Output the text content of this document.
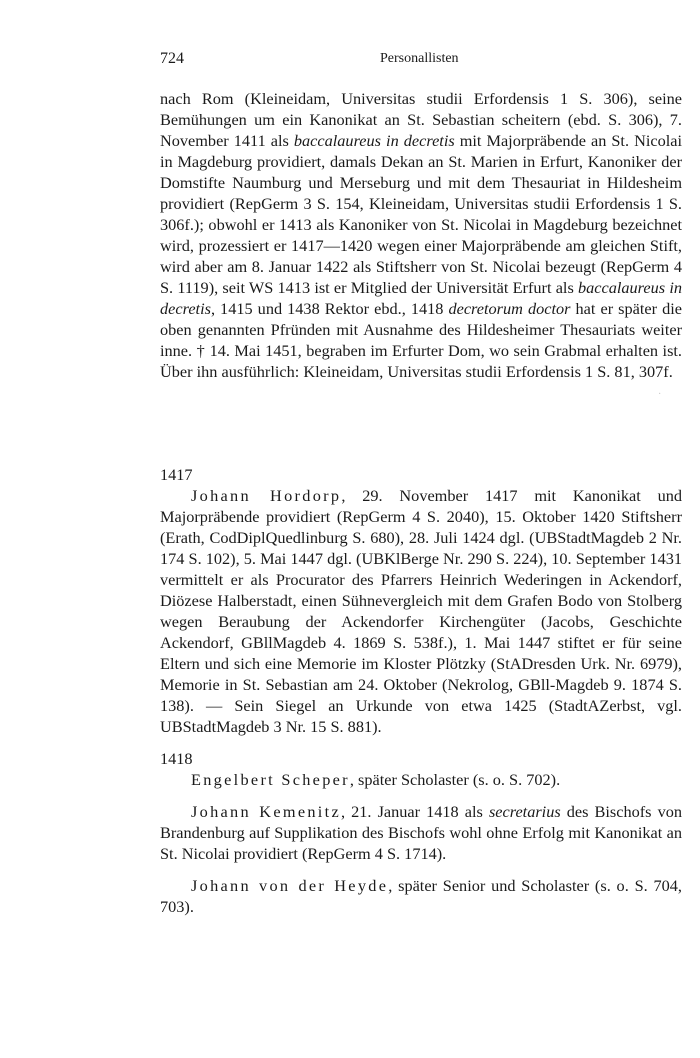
724	Personallisten

nach Rom (Kleineidam, Universitas studii Erfordensis 1 S. 306), seine Bemühungen um ein Kanonikat an St. Sebastian scheitern (ebd. S. 306), 7. November 1411 als baccalaureus in decretis mit Majorpräbende an St. Nicolai in Magdeburg providiert, damals Dekan an St. Marien in Erfurt, Kanoniker der Domstifte Naumburg und Merseburg und mit dem Thesauriat in Hildesheim providiert (RepGerm 3 S. 154, Kleineidam, Universitas studii Erfordensis 1 S. 306f.); obwohl er 1413 als Kanoniker von St. Nicolai in Magdeburg bezeichnet wird, prozessiert er 1417—1420 wegen einer Majorpräbende am gleichen Stift, wird aber am 8. Januar 1422 als Stiftsherr von St. Nicolai bezeugt (RepGerm 4 S. 1119), seit WS 1413 ist er Mitglied der Universität Erfurt als baccalaureus in decretis, 1415 und 1438 Rektor ebd., 1418 decretorum doctor hat er später die oben genannten Pfründen mit Ausnahme des Hildesheimer Thesauriats weiter inne. † 14. Mai 1451, begraben im Erfurter Dom, wo sein Grabmal erhalten ist. Über ihn ausführlich: Kleineidam, Universitas studii Erfordensis 1 S. 81, 307f.

·
1417

Johann Hordorp, 29. November 1417 mit Kanonikat und Majorpräbende providiert (RepGerm 4 S. 2040), 15. Oktober 1420 Stiftsherr (Erath, CodDiplQuedlinburg S. 680), 28. Juli 1424 dgl. (UBStadtMagdeb 2 Nr. 174 S. 102), 5. Mai 1447 dgl. (UBKlBerge Nr. 290 S. 224), 10. September 1431 vermittelt er als Procurator des Pfarrers Heinrich Wederingen in Ackendorf, Diözese Halberstadt, einen Sühnevergleich mit dem Grafen Bodo von Stolberg wegen Beraubung der Ackendorfer Kirchengüter (Jacobs, Geschichte Ackendorf, GBllMagdeb 4. 1869 S. 538f.), 1. Mai 1447 stiftet er für seine Eltern und sich eine Memorie im Kloster Plötzky (StADresden Urk. Nr. 6979), Memorie in St. Sebastian am 24. Oktober (Nekrolog, GBll-Magdeb 9. 1874 S. 138). — Sein Siegel an Urkunde von etwa 1425 (StadtAZerbst, vgl. UBStadtMagdeb 3 Nr. 15 S. 881).

1418

Engelbert Scheper, später Scholaster (s. o. S. 702).

Johann Kemenitz, 21. Januar 1418 als secretarius des Bischofs von Brandenburg auf Supplikation des Bischofs wohl ohne Erfolg mit Kanonikat an St. Nicolai providiert (RepGerm 4 S. 1714).

Johann von der Heyde, später Senior und Scholaster (s. o. S. 704, 703).
